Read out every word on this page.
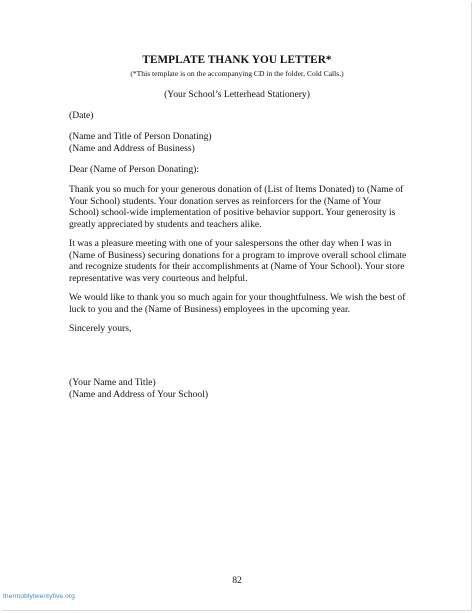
TEMPLATE THANK YOU LETTER*
(*This template is on the accompanying CD in the folder, Cold Calls.)
(Your School’s Letterhead Stationery)

(Date)

(Name and Title of Person Donating)

(Name and Address of Business)

Dear (Name of Person Donating):

Thank you so much for your generous donation of (List of Items Donated) to (Name of

Your School) students. Your donation serves as reinforcers for the (Name of Your

School) school-wide implementation of positive behavior support. Your generosity is

greatly appreciated by students and teachers alike.

It was a pleasure meeting with one of your salespersons the other day when I was in

(Name of Business) securing donations for a program to improve overall school climate

and recognize students for their accomplishments at (Name of Your School). Your store

representative was very courteous and helpful.

We would like to thank you so much again for your thoughtfulness. We wish the best of

luck to you and the (Name of Business) employees in the upcoming year.

Sincerely yours,

(Your Name and Title)

(Name and Address of Your School)

82
thermoblytwentyfive.org
